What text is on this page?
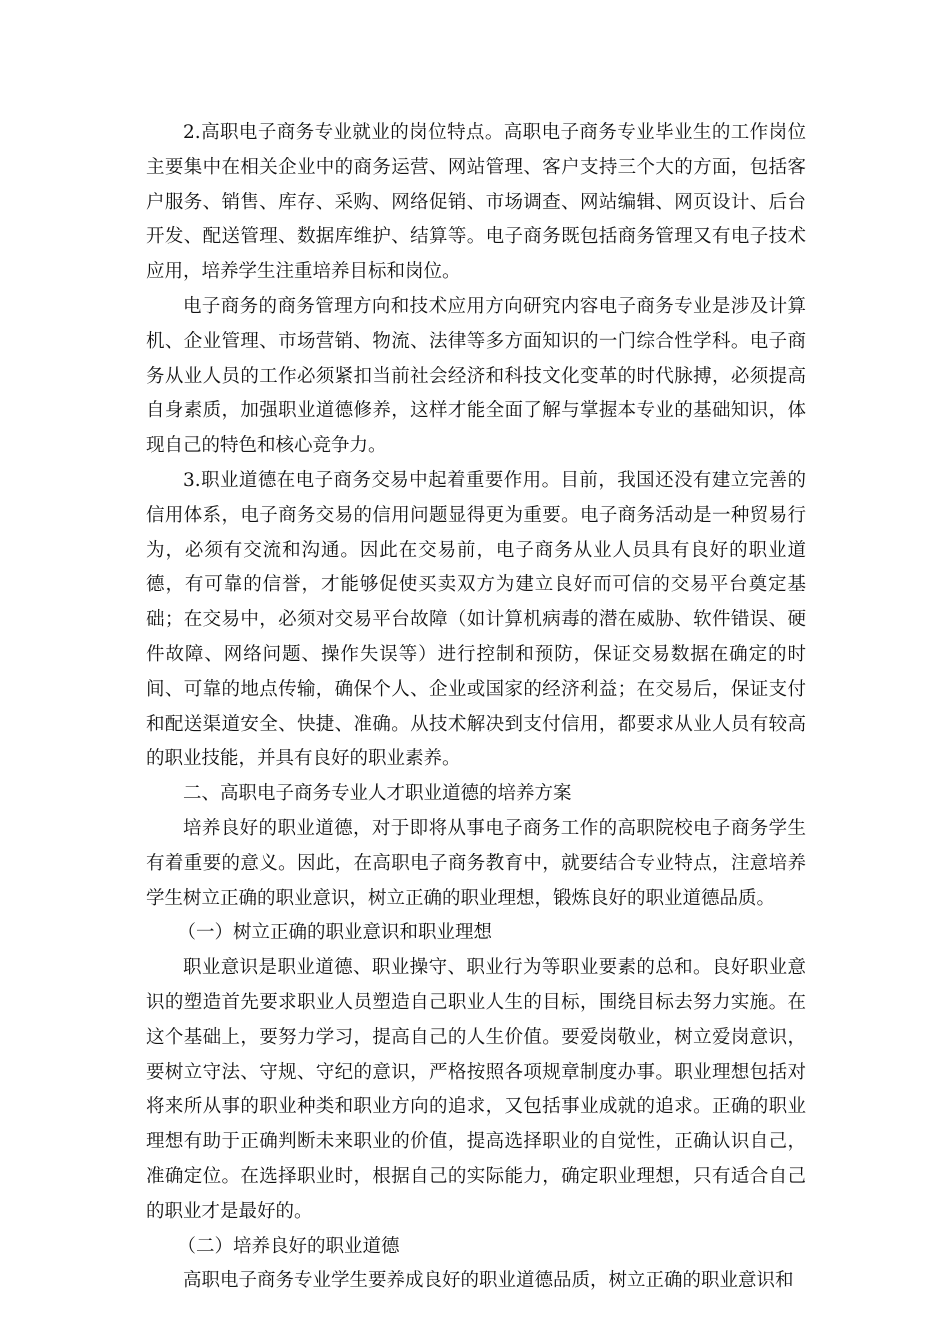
2.高职电子商务专业就业的岗位特点。高职电子商务专业毕业生的工作岗位主要集中在相关企业中的商务运营、网站管理、客户支持三个大的方面，包括客户服务、销售、库存、采购、网络促销、市场调查、网站编辑、网页设计、后台开发、配送管理、数据库维护、结算等。电子商务既包括商务管理又有电子技术应用，培养学生注重培养目标和岗位。

电子商务的商务管理方向和技术应用方向研究内容电子商务专业是涉及计算机、企业管理、市场营销、物流、法律等多方面知识的一门综合性学科。电子商务从业人员的工作必须紧扣当前社会经济和科技文化变革的时代脉搏，必须提高自身素质，加强职业道德修养，这样才能全面了解与掌握本专业的基础知识，体现自己的特色和核心竞争力。

3.职业道德在电子商务交易中起着重要作用。目前，我国还没有建立完善的信用体系，电子商务交易的信用问题显得更为重要。电子商务活动是一种贸易行为，必须有交流和沟通。因此在交易前，电子商务从业人员具有良好的职业道德，有可靠的信誉，才能够促使买卖双方为建立良好而可信的交易平台奠定基础；在交易中，必须对交易平台故障（如计算机病毒的潜在威胁、软件错误、硬件故障、网络问题、操作失误等）进行控制和预防，保证交易数据在确定的时间、可靠的地点传输，确保个人、企业或国家的经济利益；在交易后，保证支付和配送渠道安全、快捷、准确。从技术解决到支付信用，都要求从业人员有较高的职业技能，并具有良好的职业素养。

二、高职电子商务专业人才职业道德的培养方案

培养良好的职业道德，对于即将从事电子商务工作的高职院校电子商务学生有着重要的意义。因此，在高职电子商务教育中，就要结合专业特点，注意培养学生树立正确的职业意识，树立正确的职业理想，锻炼良好的职业道德品质。

（一）树立正确的职业意识和职业理想

职业意识是职业道德、职业操守、职业行为等职业要素的总和。良好职业意识的塑造首先要求职业人员塑造自己职业人生的目标，围绕目标去努力实施。在这个基础上，要努力学习，提高自己的人生价值。要爱岗敬业，树立爱岗意识，要树立守法、守规、守纪的意识，严格按照各项规章制度办事。职业理想包括对将来所从事的职业种类和职业方向的追求，又包括事业成就的追求。正确的职业理想有助于正确判断未来职业的价值，提高选择职业的自觉性，正确认识自己，准确定位。在选择职业时，根据自己的实际能力，确定职业理想，只有适合自己的职业才是最好的。

（二）培养良好的职业道德

高职电子商务专业学生要养成良好的职业道德品质，树立正确的职业意识和
